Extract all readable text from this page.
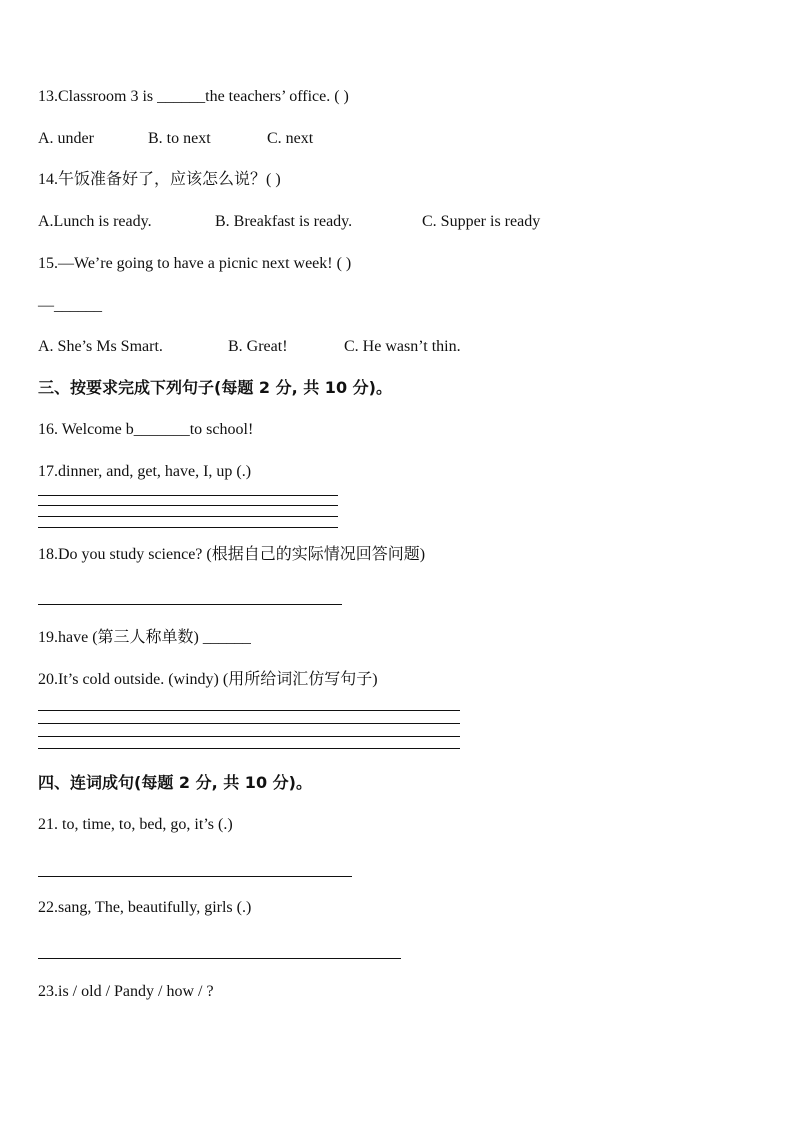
13.Classroom 3 is ______the teachers’ office. ( )
A. under	B. to next	C. next
14.午饭准备好了，应该怎么说？( )
A.Lunch is ready.	B. Breakfast is ready.	C. Supper is ready
15.—We’re going to have a picnic next week! ( )
—______
A. She’s Ms Smart.	B. Great!	C. He wasn’t thin.
三、按要求完成下列句子(每题 2 分, 共 10 分)。
16. Welcome b_______to school!
17.dinner, and, get, have, I, up (.)
18.Do you study science? (根据自己的实际情况回答问题)
19.have (第三人称单数) ______
20.It’s cold outside. (windy) (用所给词汇仿写句子)
四、连词成句(每题 2 分, 共 10 分)。
21. to, time, to, bed, go, it’s (.)
22.sang, The, beautifully, girls (.)
23.is / old / Pandy / how / ?
